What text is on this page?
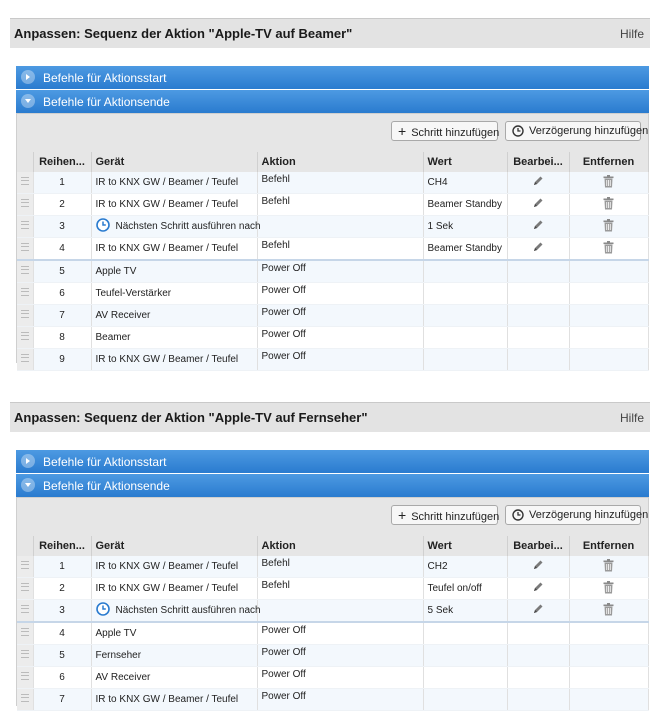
Anpassen: Sequenz der Aktion "Apple-TV auf Beamer"	Hilfe
Befehle für Aktionsstart
Befehle für Aktionsende
+ Schritt hinzufügen	Verzögerung hinzufügen
	Reihen...	Gerät	Aktion	Wert	Bearbei...	Entfernen
	1	IR to KNX GW / Beamer / Teufel	Befehl	CH4		
	2	IR to KNX GW / Beamer / Teufel	Befehl	Beamer Standby		
	3	Nächsten Schritt ausführen nach		1 Sek		
	4	IR to KNX GW / Beamer / Teufel	Befehl	Beamer Standby		
	5	Apple TV	Power Off			
	6	Teufel-Verstärker	Power Off			
	7	AV Receiver	Power Off			
	8	Beamer	Power Off			
	9	IR to KNX GW / Beamer / Teufel	Power Off			
Anpassen: Sequenz der Aktion "Apple-TV auf Fernseher"	Hilfe
Befehle für Aktionsstart
Befehle für Aktionsende
+ Schritt hinzufügen	Verzögerung hinzufügen
	Reihen...	Gerät	Aktion	Wert	Bearbei...	Entfernen
	1	IR to KNX GW / Beamer / Teufel	Befehl	CH2		
	2	IR to KNX GW / Beamer / Teufel	Befehl	Teufel on/off		
	3	Nächsten Schritt ausführen nach		5 Sek		
	4	Apple TV	Power Off			
	5	Fernseher	Power Off			
	6	AV Receiver	Power Off			
	7	IR to KNX GW / Beamer / Teufel	Power Off			
